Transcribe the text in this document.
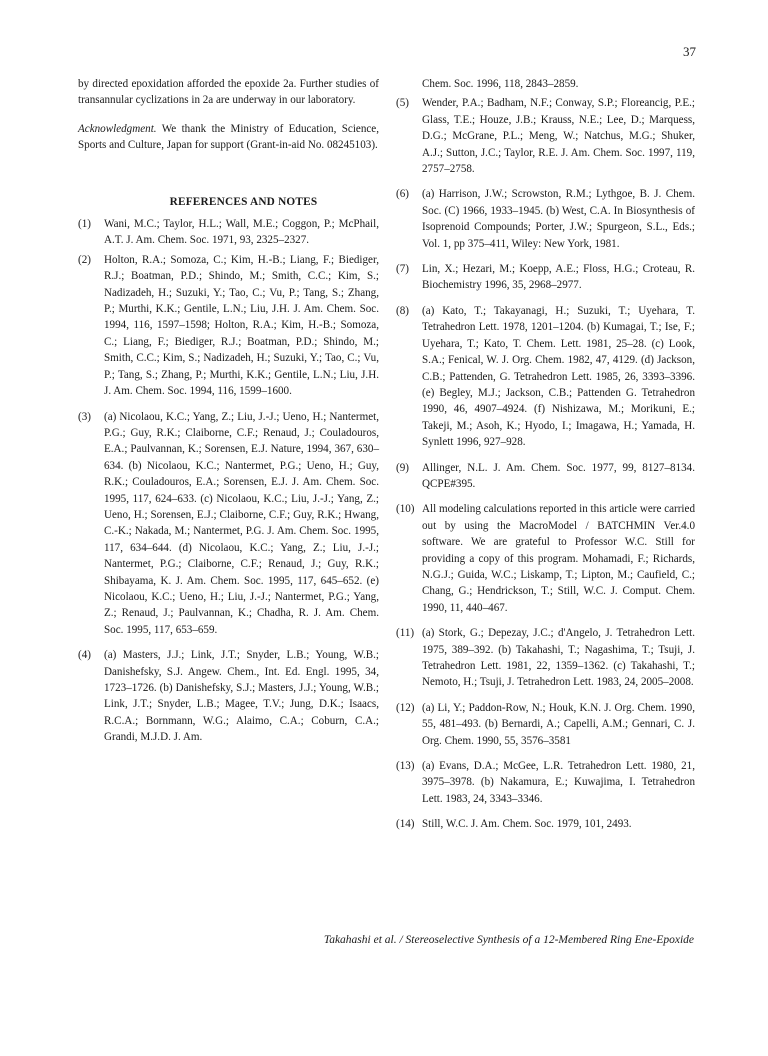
37

by directed epoxidation afforded the epoxide 2a. Further studies of transannular cyclizations in 2a are underway in our laboratory.

Acknowledgment. We thank the Ministry of Education, Science, Sports and Culture, Japan for support (Grant-in-aid No. 08245103).

REFERENCES AND NOTES
(1)	Wani, M.C.; Taylor, H.L.; Wall, M.E.; Coggon, P.; McPhail, A.T. J. Am. Chem. Soc. 1971, 93, 2325–2327.
(2)	Holton, R.A.; Somoza, C.; Kim, H.-B.; Liang, F.; Biediger, R.J.; Boatman, P.D.; Shindo, M.; Smith, C.C.; Kim, S.; Nadizadeh, H.; Suzuki, Y.; Tao, C.; Vu, P.; Tang, S.; Zhang, P.; Murthi, K.K.; Gentile, L.N.; Liu, J.H. J. Am. Chem. Soc. 1994, 116, 1597–1598; Holton, R.A.; Kim, H.-B.; Somoza, C.; Liang, F.; Biediger, R.J.; Boatman, P.D.; Shindo, M.; Smith, C.C.; Kim, S.; Nadizadeh, H.; Suzuki, Y.; Tao, C.; Vu, P.; Tang, S.; Zhang, P.; Murthi, K.K.; Gentile, L.N.; Liu, J.H. J. Am. Chem. Soc. 1994, 116, 1599–1600.
(3)	(a) Nicolaou, K.C.; Yang, Z.; Liu, J.-J.; Ueno, H.; Nantermet, P.G.; Guy, R.K.; Claiborne, C.F.; Renaud, J.; Couladouros, E.A.; Paulvannan, K.; Sorensen, E.J. Nature, 1994, 367, 630–634. (b) Nicolaou, K.C.; Nantermet, P.G.; Ueno, H.; Guy, R.K.; Couladouros, E.A.; Sorensen, E.J. J. Am. Chem. Soc. 1995, 117, 624–633. (c) Nicolaou, K.C.; Liu, J.-J.; Yang, Z.; Ueno, H.; Sorensen, E.J.; Claiborne, C.F.; Guy, R.K.; Hwang, C.-K.; Nakada, M.; Nantermet, P.G. J. Am. Chem. Soc. 1995, 117, 634–644. (d) Nicolaou, K.C.; Yang, Z.; Liu, J.-J.; Nantermet, P.G.; Claiborne, C.F.; Renaud, J.; Guy, R.K.; Shibayama, K. J. Am. Chem. Soc. 1995, 117, 645–652. (e) Nicolaou, K.C.; Ueno, H.; Liu, J.-J.; Nantermet, P.G.; Yang, Z.; Renaud, J.; Paulvannan, K.; Chadha, R. J. Am. Chem. Soc. 1995, 117, 653–659.
(4)	(a) Masters, J.J.; Link, J.T.; Snyder, L.B.; Young, W.B.; Danishefsky, S.J. Angew. Chem., Int. Ed. Engl. 1995, 34, 1723–1726. (b) Danishefsky, S.J.; Masters, J.J.; Young, W.B.; Link, J.T.; Snyder, L.B.; Magee, T.V.; Jung, D.K.; Isaacs, R.C.A.; Bornmann, W.G.; Alaimo, C.A.; Coburn, C.A.; Grandi, M.J.D. J. Am.
Chem. Soc. 1996, 118, 2843–2859.
(5)	Wender, P.A.; Badham, N.F.; Conway, S.P.; Floreancig, P.E.; Glass, T.E.; Houze, J.B.; Krauss, N.E.; Lee, D.; Marquess, D.G.; McGrane, P.L.; Meng, W.; Natchus, M.G.; Shuker, A.J.; Sutton, J.C.; Taylor, R.E. J. Am. Chem. Soc. 1997, 119, 2757–2758.
(6)	(a) Harrison, J.W.; Scrowston, R.M.; Lythgoe, B. J. Chem. Soc. (C) 1966, 1933–1945. (b) West, C.A. In Biosynthesis of Isoprenoid Compounds; Porter, J.W.; Spurgeon, S.L., Eds.; Vol. 1, pp 375–411, Wiley: New York, 1981.
(7)	Lin, X.; Hezari, M.; Koepp, A.E.; Floss, H.G.; Croteau, R. Biochemistry 1996, 35, 2968–2977.
(8)	(a) Kato, T.; Takayanagi, H.; Suzuki, T.; Uyehara, T. Tetrahedron Lett. 1978, 1201–1204. (b) Kumagai, T.; Ise, F.; Uyehara, T.; Kato, T. Chem. Lett. 1981, 25–28. (c) Look, S.A.; Fenical, W. J. Org. Chem. 1982, 47, 4129. (d) Jackson, C.B.; Pattenden, G. Tetrahedron Lett. 1985, 26, 3393–3396. (e) Begley, M.J.; Jackson, C.B.; Pattenden G. Tetrahedron 1990, 46, 4907–4924. (f) Nishizawa, M.; Morikuni, E.; Takeji, M.; Asoh, K.; Hyodo, I.; Imagawa, H.; Yamada, H. Synlett 1996, 927–928.
(9)	Allinger, N.L. J. Am. Chem. Soc. 1977, 99, 8127–8134. QCPE#395.
(10) All modeling calculations reported in this article were carried out by using the MacroModel / BATCHMIN Ver.4.0 software. We are grateful to Professor W.C. Still for providing a copy of this program. Mohamadi, F.; Richards, N.G.J.; Guida, W.C.; Liskamp, T.; Lipton, M.; Caufield, C.; Chang, G.; Hendrickson, T.; Still, W.C. J. Comput. Chem. 1990, 11, 440–467.
(11) (a) Stork, G.; Depezay, J.C.; d'Angelo, J. Tetrahedron Lett. 1975, 389–392. (b) Takahashi, T.; Nagashima, T.; Tsuji, J. Tetrahedron Lett. 1981, 22, 1359–1362. (c) Takahashi, T.; Nemoto, H.; Tsuji, J. Tetrahedron Lett. 1983, 24, 2005–2008.
(12) (a) Li, Y.; Paddon-Row, N.; Houk, K.N. J. Org. Chem. 1990, 55, 481–493. (b) Bernardi, A.; Capelli, A.M.; Gennari, C. J. Org. Chem. 1990, 55, 3576–3581
(13) (a) Evans, D.A.; McGee, L.R. Tetrahedron Lett. 1980, 21, 3975–3978. (b) Nakamura, E.; Kuwajima, I. Tetrahedron Lett. 1983, 24, 3343–3346.
(14) Still, W.C. J. Am. Chem. Soc. 1979, 101, 2493.
Takahashi et al. / Stereoselective Synthesis of a 12-Membered Ring Ene-Epoxide
